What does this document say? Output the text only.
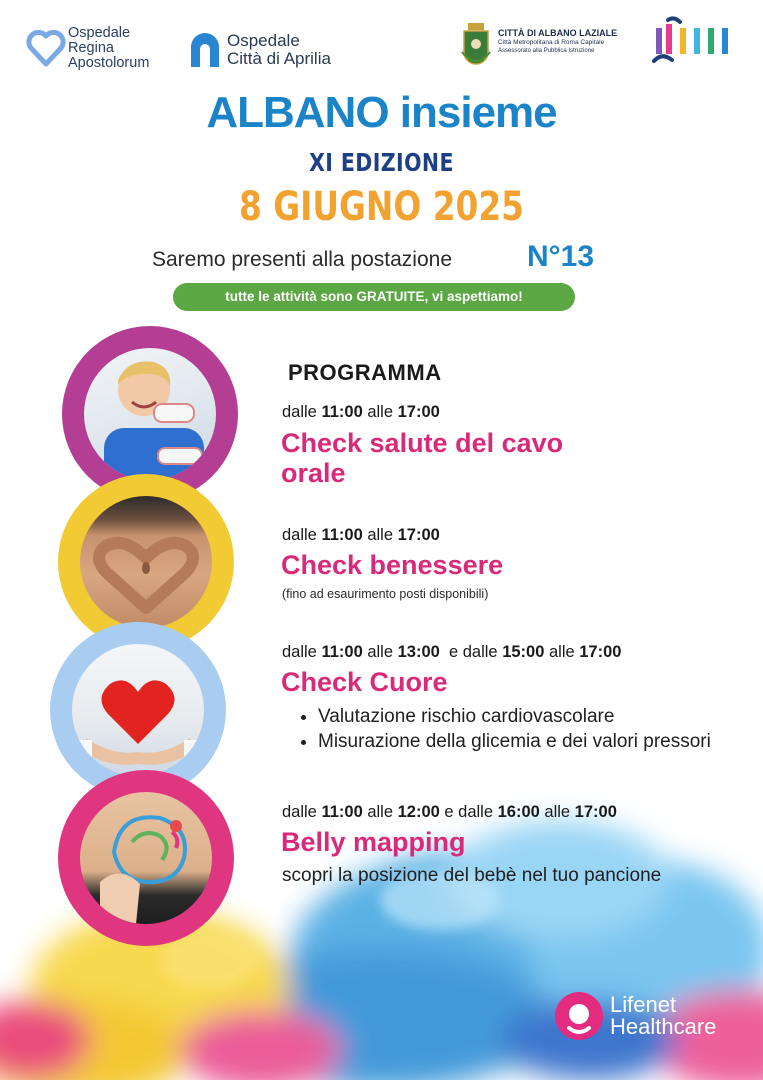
Ospedale
Regina
Apostolorum
Ospedale
Città di Aprilia
CITTÀ DI ALBANO LAZIALE
Città Metropolitana di Roma Capitale
Assessorato alla Pubblica Istruzione
ALBANO insieme
XI EDIZIONE
8 GIUGNO 2025
Saremo presenti alla postazione N°13
tutte le attività sono GRATUITE, vi aspettiamo!
PROGRAMMA
dalle 11:00 alle 17:00
Check salute del cavo
orale
dalle 11:00 alle 17:00
Check benessere
(fino ad esaurimento posti disponibili)
dalle 11:00 alle 13:00  e dalle 15:00 alle 17:00
Check Cuore
• Valutazione rischio cardiovascolare
• Misurazione della glicemia e dei valori pressori
dalle 11:00 alle 12:00 e dalle 16:00 alle 17:00
Belly mapping
scopri la posizione del bebè nel tuo pancione
Lifenet
Healthcare
